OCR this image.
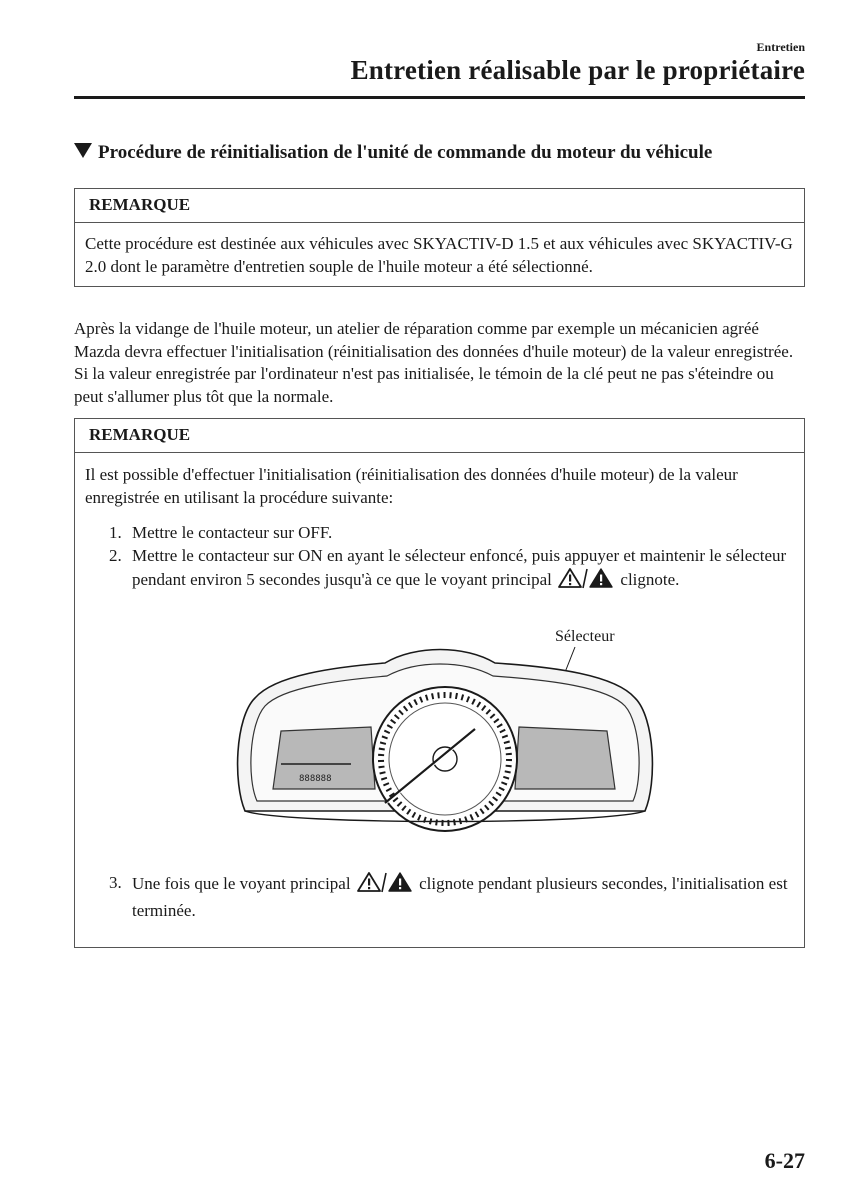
Entretien

Entretien réalisable par le propriétaire
Procédure de réinitialisation de l'unité de commande du moteur du véhicule
REMARQUE
Cette procédure est destinée aux véhicules avec SKYACTIV-D 1.5 et aux véhicules avec SKYACTIV-G 2.0 dont le paramètre d'entretien souple de l'huile moteur a été sélectionné.

Après la vidange de l'huile moteur, un atelier de réparation comme par exemple un mécanicien agréé Mazda devra effectuer l'initialisation (réinitialisation des données d'huile moteur) de la valeur enregistrée. Si la valeur enregistrée par l'ordinateur n'est pas initialisée, le témoin de la clé peut ne pas s'éteindre ou peut s'allumer plus tôt que la normale.

REMARQUE
Il est possible d'effectuer l'initialisation (réinitialisation des données d'huile moteur) de la valeur enregistrée en utilisant la procédure suivante:
1. Mettre le contacteur sur OFF.
2. Mettre le contacteur sur ON en ayant le sélecteur enfoncé, puis appuyer et maintenir le sélecteur pendant environ 5 secondes jusqu'à ce que le voyant principal	clignote.
Sélecteur
888888
3. Une fois que le voyant principal	clignote pendant plusieurs secondes, l'initialisation est terminée.

6-27
